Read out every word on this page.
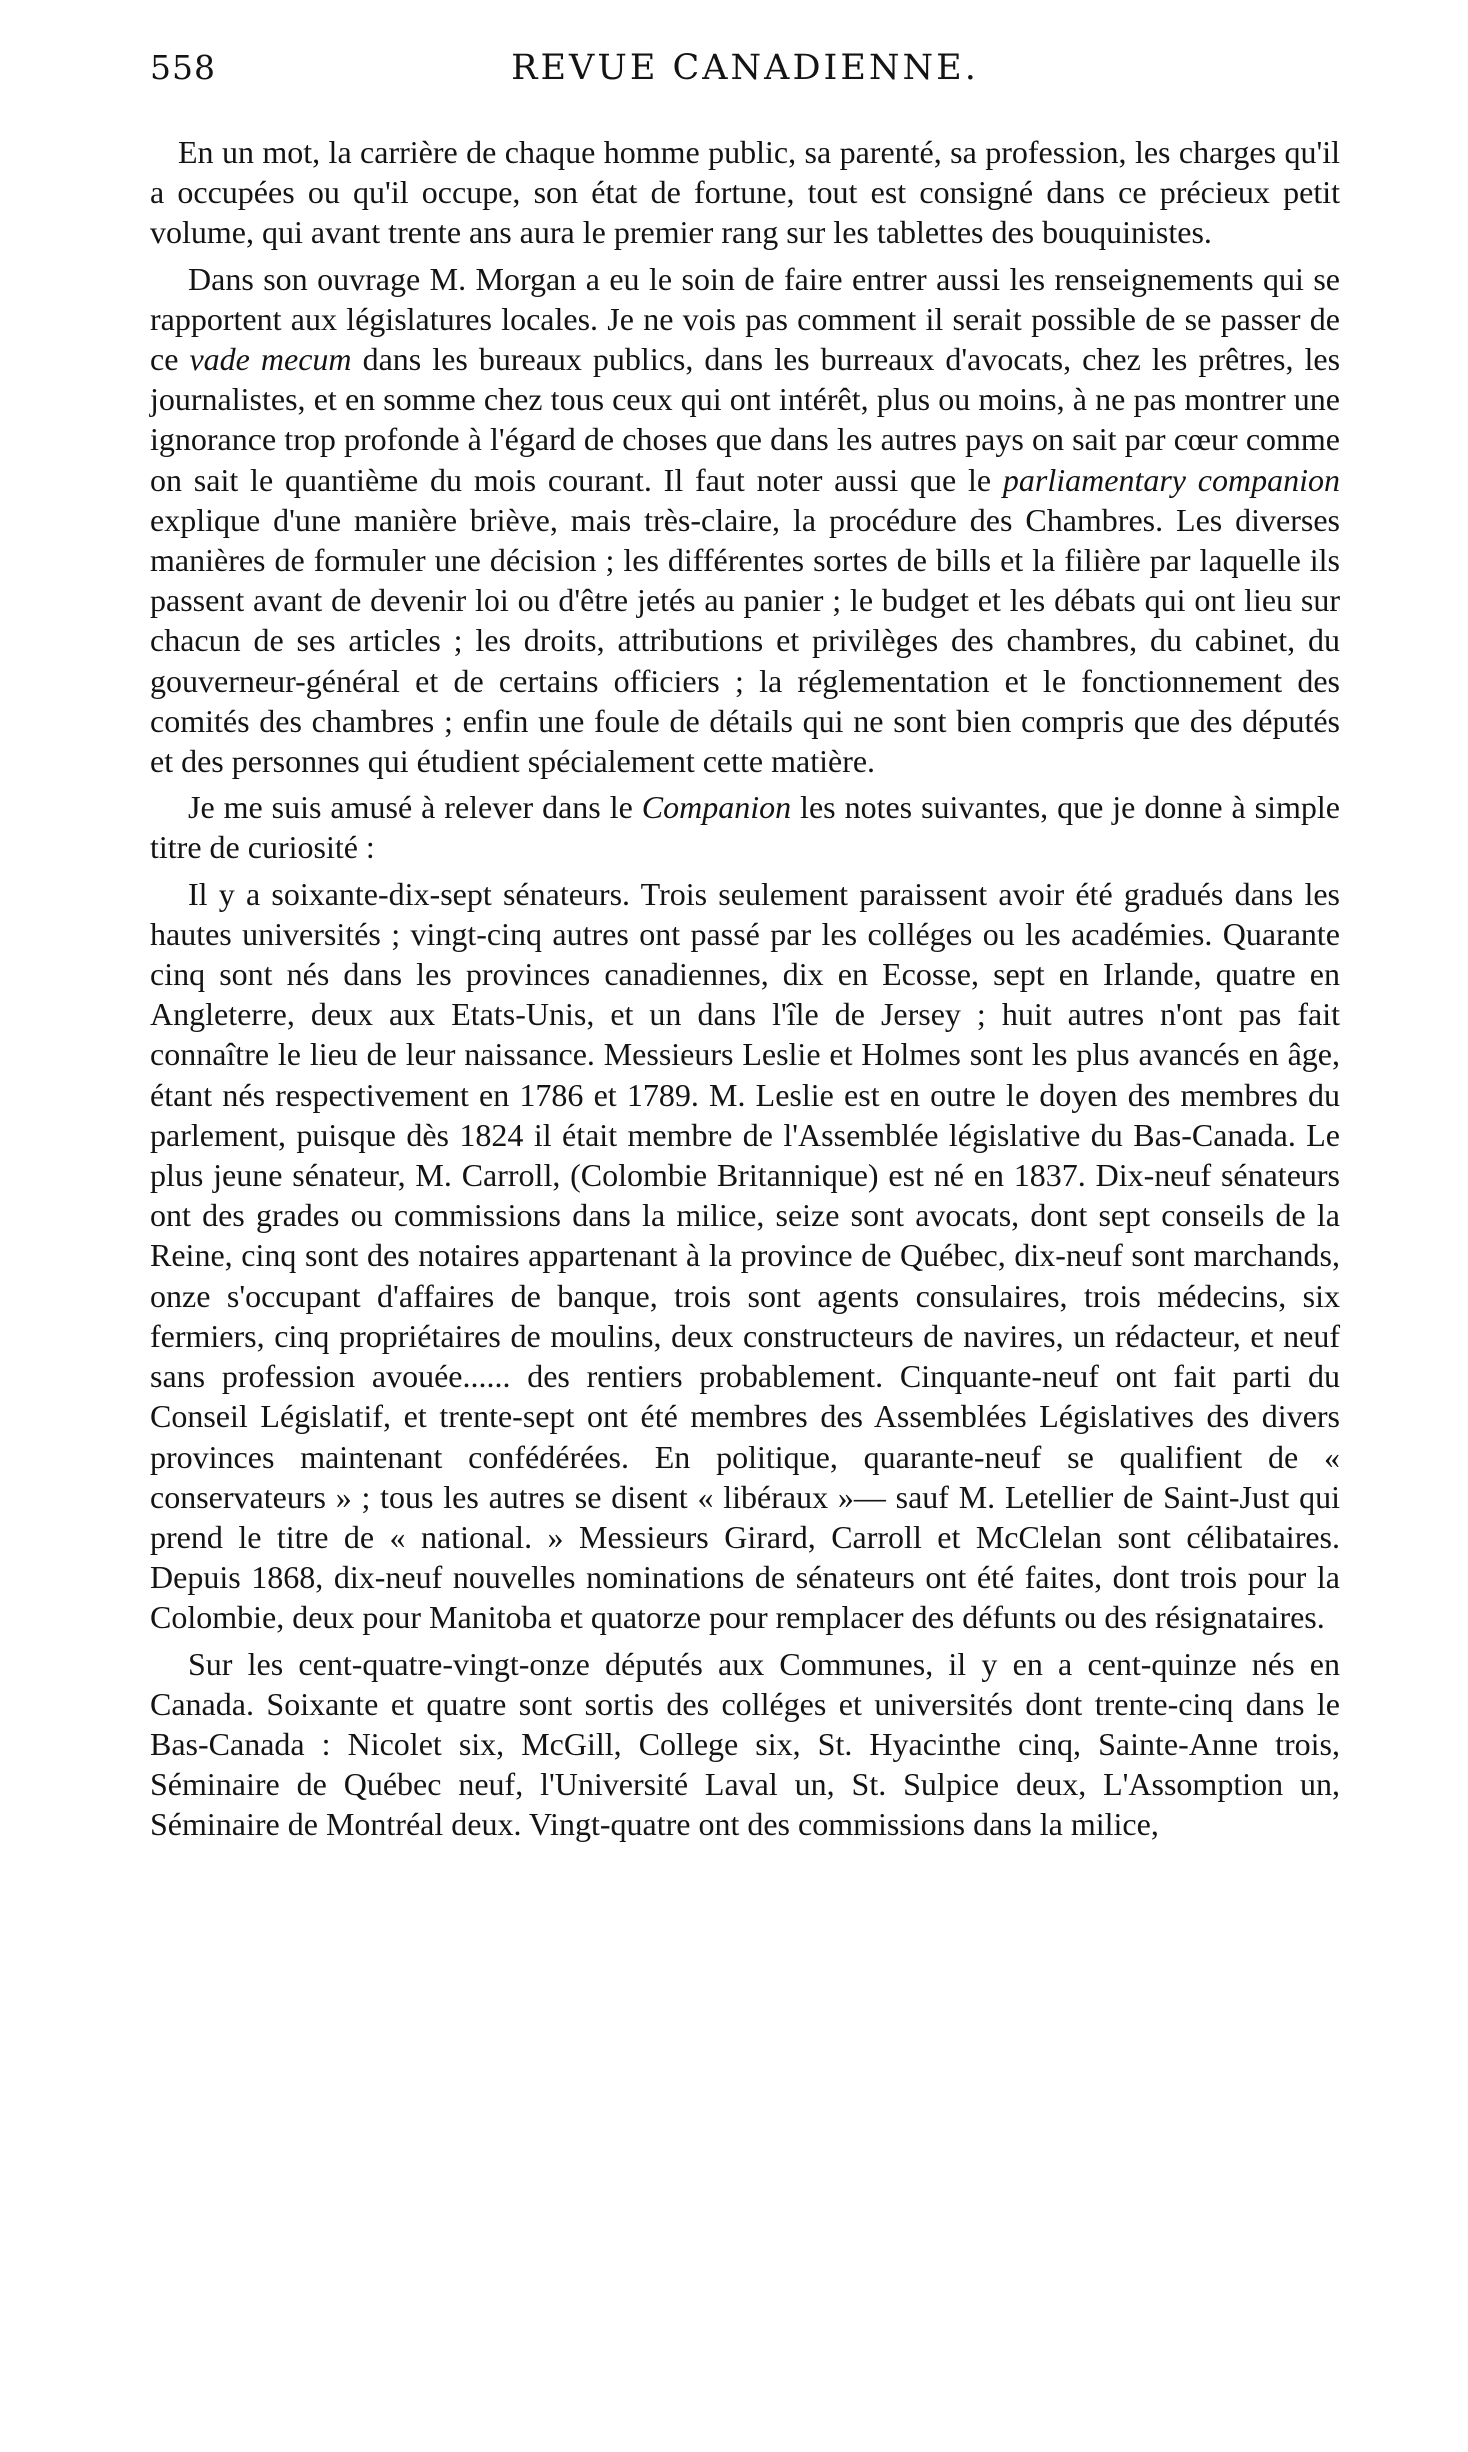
558	REVUE CANADIENNE.

En un mot, la carrière de chaque homme public, sa parenté, sa profession, les charges qu'il a occupées ou qu'il occupe, son état de fortune, tout est consigné dans ce précieux petit volume, qui avant trente ans aura le premier rang sur les tablettes des bouquinistes.

Dans son ouvrage M. Morgan a eu le soin de faire entrer aussi les renseignements qui se rapportent aux législatures locales. Je ne vois pas comment il serait possible de se passer de ce vade mecum dans les bureaux publics, dans les burreaux d'avocats, chez les prêtres, les journalistes, et en somme chez tous ceux qui ont intérêt, plus ou moins, à ne pas montrer une ignorance trop profonde à l'égard de choses que dans les autres pays on sait par cœur comme on sait le quantième du mois courant. Il faut noter aussi que le parliamentary companion explique d'une manière briève, mais très-claire, la procédure des Chambres. Les diverses manières de formuler une décision ; les différentes sortes de bills et la filière par laquelle ils passent avant de devenir loi ou d'être jetés au panier ; le budget et les débats qui ont lieu sur chacun de ses articles ; les droits, attributions et privilèges des chambres, du cabinet, du gouverneur-général et de certains officiers ; la réglementation et le fonctionnement des comités des chambres ; enfin une foule de détails qui ne sont bien compris que des députés et des personnes qui étudient spécialement cette matière.

Je me suis amusé à relever dans le Companion les notes suivantes, que je donne à simple titre de curiosité :

Il y a soixante-dix-sept sénateurs. Trois seulement paraissent avoir été gradués dans les hautes universités ; vingt-cinq autres ont passé par les colléges ou les académies. Quarante cinq sont nés dans les provinces canadiennes, dix en Ecosse, sept en Irlande, quatre en Angleterre, deux aux Etats-Unis, et un dans l'île de Jersey ; huit autres n'ont pas fait connaître le lieu de leur naissance. Messieurs Leslie et Holmes sont les plus avancés en âge, étant nés respectivement en 1786 et 1789. M. Leslie est en outre le doyen des membres du parlement, puisque dès 1824 il était membre de l'Assemblée législative du Bas-Canada. Le plus jeune sénateur, M. Carroll, (Colombie Britannique) est né en 1837. Dix-neuf sénateurs ont des grades ou commissions dans la milice, seize sont avocats, dont sept conseils de la Reine, cinq sont des notaires appartenant à la province de Québec, dix-neuf sont marchands, onze s'occupant d'affaires de banque, trois sont agents consulaires, trois médecins, six fermiers, cinq propriétaires de moulins, deux constructeurs de navires, un rédacteur, et neuf sans profession avouée...... des rentiers probablement. Cinquante-neuf ont fait parti du Conseil Législatif, et trente-sept ont été membres des Assemblées Législatives des divers provinces maintenant confédérées. En politique, quarante-neuf se qualifient de « conservateurs » ; tous les autres se disent « libéraux »— sauf M. Letellier de Saint-Just qui prend le titre de « national. » Messieurs Girard, Carroll et McClelan sont célibataires. Depuis 1868, dix-neuf nouvelles nominations de sénateurs ont été faites, dont trois pour la Colombie, deux pour Manitoba et quatorze pour remplacer des défunts ou des résignataires.

Sur les cent-quatre-vingt-onze députés aux Communes, il y en a cent-quinze nés en Canada. Soixante et quatre sont sortis des colléges et universités dont trente-cinq dans le Bas-Canada : Nicolet six, McGill, College six, St. Hyacinthe cinq, Sainte-Anne trois, Séminaire de Québec neuf, l'Université Laval un, St. Sulpice deux, L'Assomption un, Séminaire de Montréal deux. Vingt-quatre ont des commissions dans la milice,
